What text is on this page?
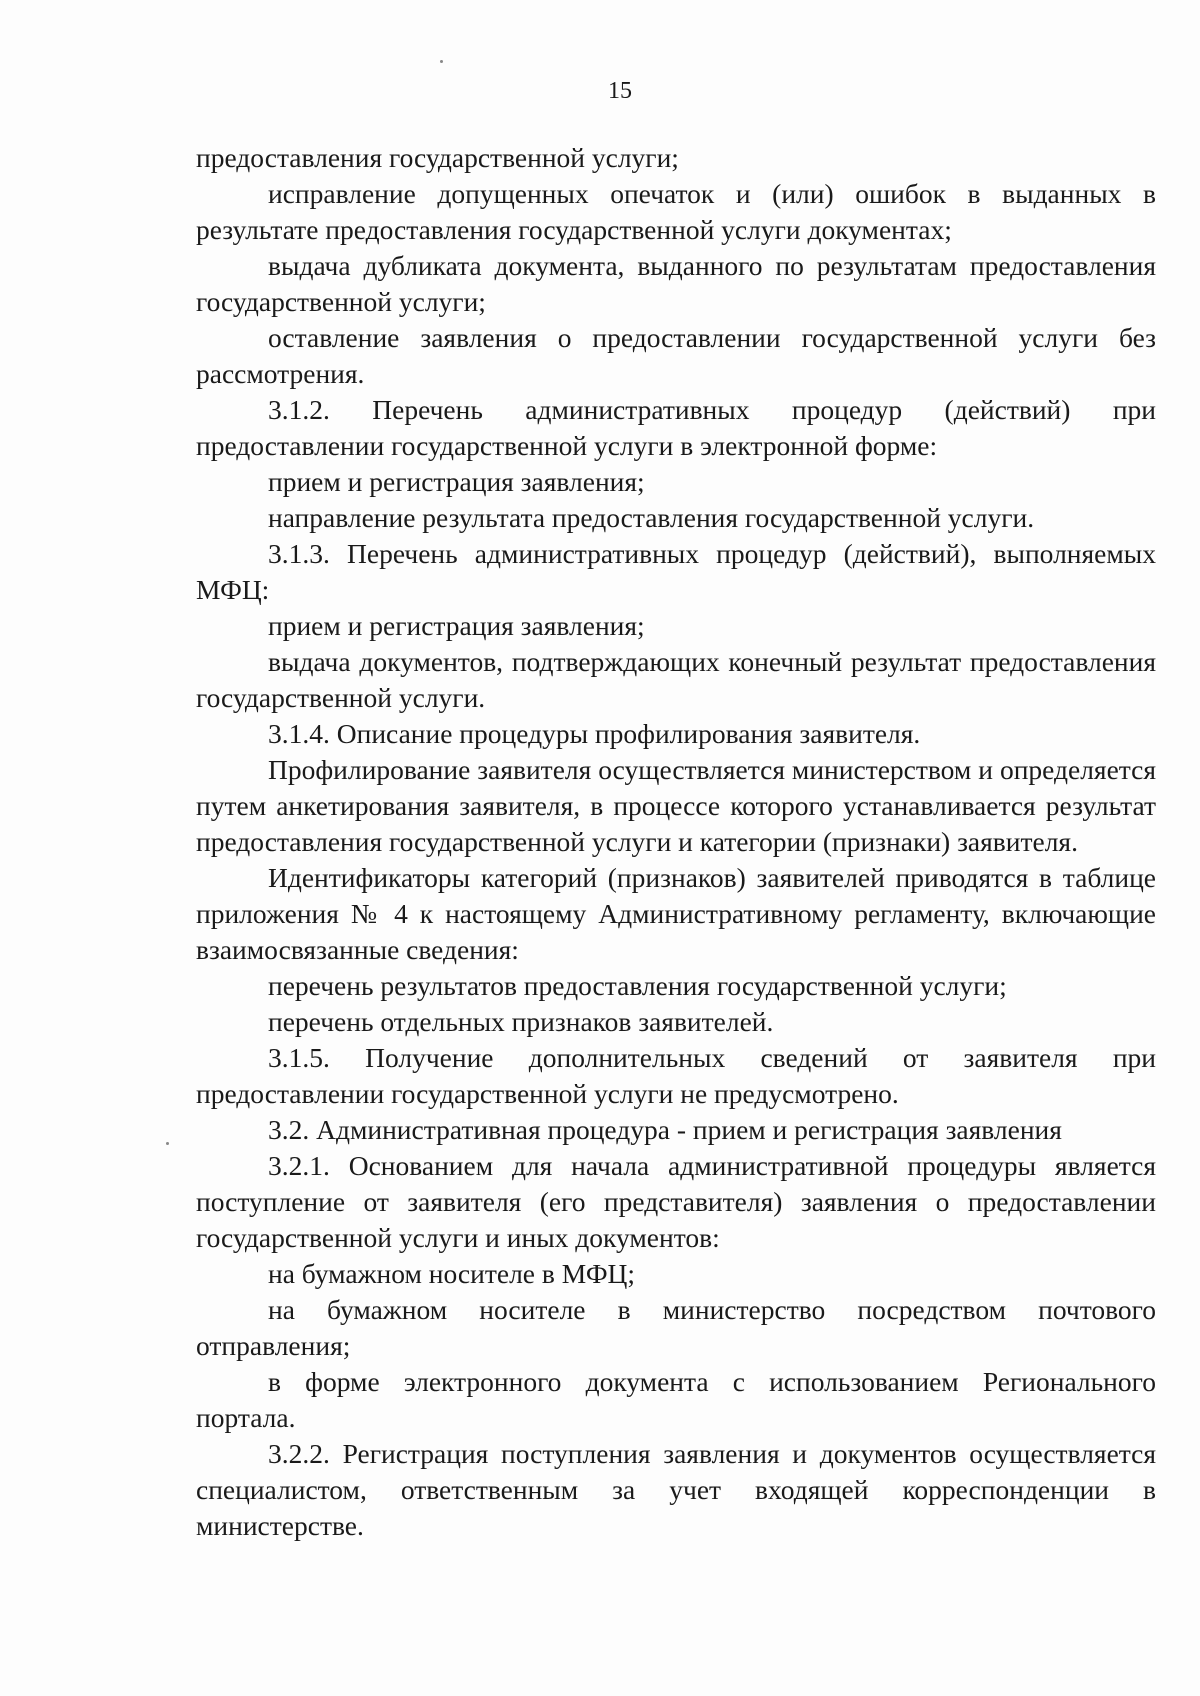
15

предоставления государственной услуги;

исправление допущенных опечаток и (или) ошибок в выданных в результате предоставления государственной услуги документах;

выдача дубликата документа, выданного по результатам предоставления государственной услуги;

оставление заявления о предоставлении государственной услуги без рассмотрения.

3.1.2. Перечень административных процедур (действий) при предоставлении государственной услуги в электронной форме:

прием и регистрация заявления;

направление результата предоставления государственной услуги.

3.1.3. Перечень административных процедур (действий), выполняемых МФЦ:

прием и регистрация заявления;

выдача документов, подтверждающих конечный результат предоставления государственной услуги.

3.1.4. Описание процедуры профилирования заявителя.

Профилирование заявителя осуществляется министерством и определяется путем анкетирования заявителя, в процессе которого устанавливается результат предоставления государственной услуги и категории (признаки) заявителя.

Идентификаторы категорий (признаков) заявителей приводятся в таблице приложения № 4 к настоящему Административному регламенту, включающие взаимосвязанные сведения:

перечень результатов предоставления государственной услуги;

перечень отдельных признаков заявителей.

3.1.5. Получение дополнительных сведений от заявителя при предоставлении государственной услуги не предусмотрено.

3.2. Административная процедура - прием и регистрация заявления

3.2.1. Основанием для начала административной процедуры является поступление от заявителя (его представителя) заявления о предоставлении государственной услуги и иных документов:

на бумажном носителе в МФЦ;

на бумажном носителе в министерство посредством почтового отправления;

в форме электронного документа с использованием Регионального портала.

3.2.2. Регистрация поступления заявления и документов осуществляется специалистом, ответственным за учет входящей корреспонденции в министерстве.
